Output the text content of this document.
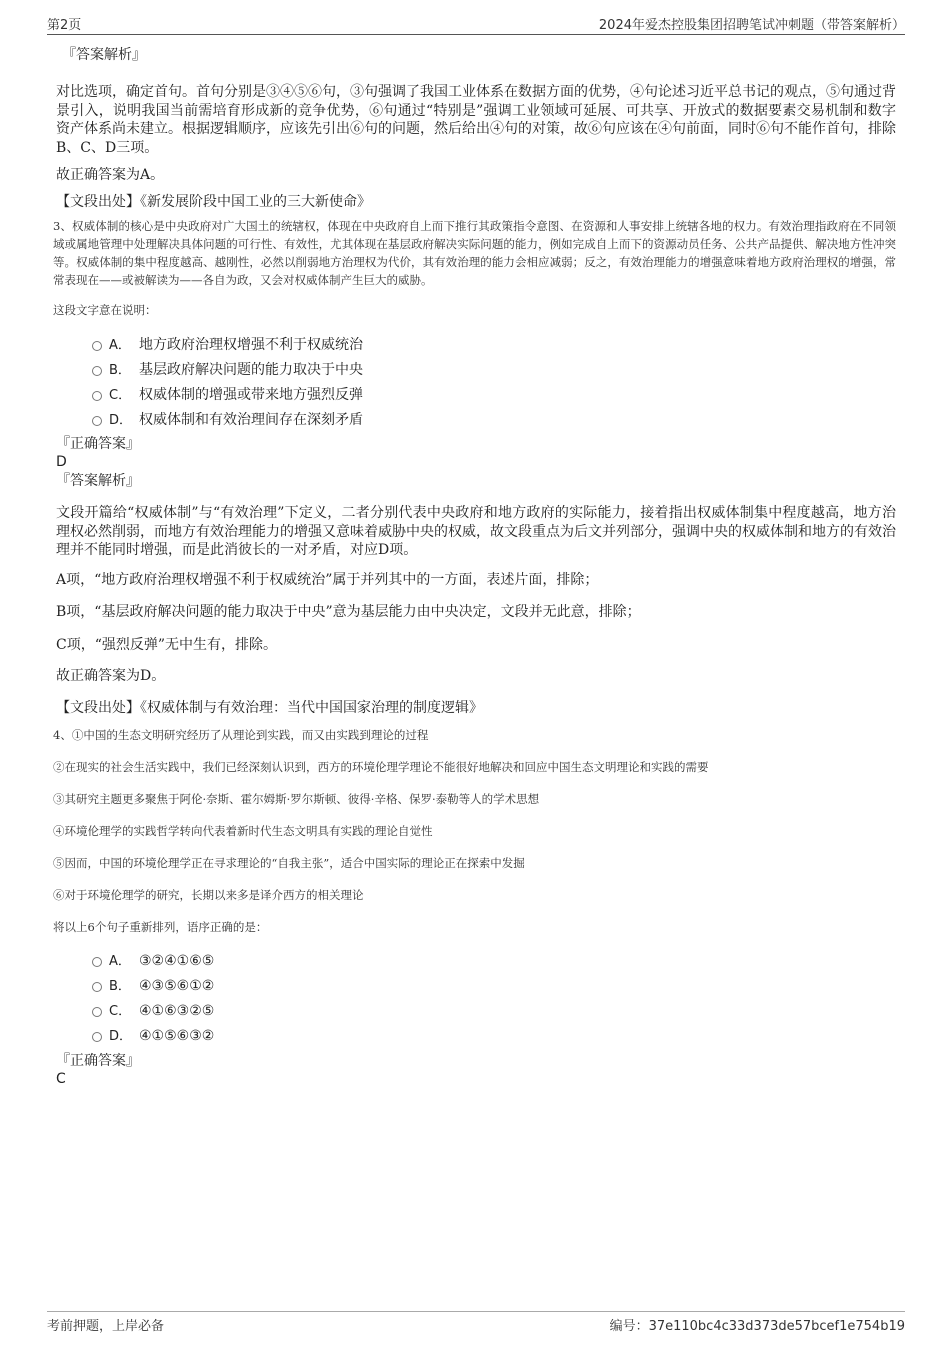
第2页	2024年爱杰控股集团招聘笔试冲刺题（带答案解析）

『答案解析』

对比选项，确定首句。首句分别是③④⑤⑥句，③句强调了我国工业体系在数据方面的优势，④句论述习近平总书记的观点，⑤句通过背景引入，说明我国当前需培育形成新的竞争优势，⑥句通过“特别是”强调工业领域可延展、可共享、开放式的数据要素交易机制和数字资产体系尚未建立。根据逻辑顺序，应该先引出⑥句的问题，然后给出④句的对策，故⑥句应该在④句前面，同时⑥句不能作首句，排除B、C、D三项。

故正确答案为A。

【文段出处】《新发展阶段中国工业的三大新使命》

3、权威体制的核心是中央政府对广大国土的统辖权，体现在中央政府自上而下推行其政策指令意图、在资源和人事安排上统辖各地的权力。有效治理指政府在不同领域或属地管理中处理解决具体问题的可行性、有效性，尤其体现在基层政府解决实际问题的能力，例如完成自上而下的资源动员任务、公共产品提供、解决地方性冲突等。权威体制的集中程度越高、越刚性，必然以削弱地方治理权为代价，其有效治理的能力会相应减弱；反之，有效治理能力的增强意味着地方政府治理权的增强，常常表现在——或被解读为——各自为政，又会对权威体制产生巨大的威胁。

这段文字意在说明：

A． 地方政府治理权增强不利于权威统治
B． 基层政府解决问题的能力取决于中央
C． 权威体制的增强或带来地方强烈反弹
D． 权威体制和有效治理间存在深刻矛盾

『正确答案』

D

『答案解析』

文段开篇给“权威体制”与“有效治理”下定义，二者分别代表中央政府和地方政府的实际能力，接着指出权威体制集中程度越高，地方治理权必然削弱，而地方有效治理能力的增强又意味着威胁中央的权威，故文段重点为后文并列部分，强调中央的权威体制和地方的有效治理并不能同时增强，而是此消彼长的一对矛盾，对应D项。

A项，“地方政府治理权增强不利于权威统治”属于并列其中的一方面，表述片面，排除；

B项，“基层政府解决问题的能力取决于中央”意为基层能力由中央决定，文段并无此意，排除；

C项，“强烈反弹”无中生有，排除。

故正确答案为D。

【文段出处】《权威体制与有效治理：当代中国国家治理的制度逻辑》

4、①中国的生态文明研究经历了从理论到实践，而又由实践到理论的过程

②在现实的社会生活实践中，我们已经深刻认识到，西方的环境伦理学理论不能很好地解决和回应中国生态文明理论和实践的需要

③其研究主题更多聚焦于阿伦·奈斯、霍尔姆斯·罗尔斯顿、彼得·辛格、保罗·泰勒等人的学术思想

④环境伦理学的实践哲学转向代表着新时代生态文明具有实践的理论自觉性

⑤因而，中国的环境伦理学正在寻求理论的“自我主张”，适合中国实际的理论正在探索中发掘

⑥对于环境伦理学的研究，长期以来多是译介西方的相关理论

将以上6个句子重新排列，语序正确的是：

A． ③②④①⑥⑤
B． ④③⑤⑥①②
C． ④①⑥③②⑤
D． ④①⑤⑥③②

『正确答案』

C

考前押题，上岸必备	编号：37e110bc4c33d373de57bcef1e754b19
